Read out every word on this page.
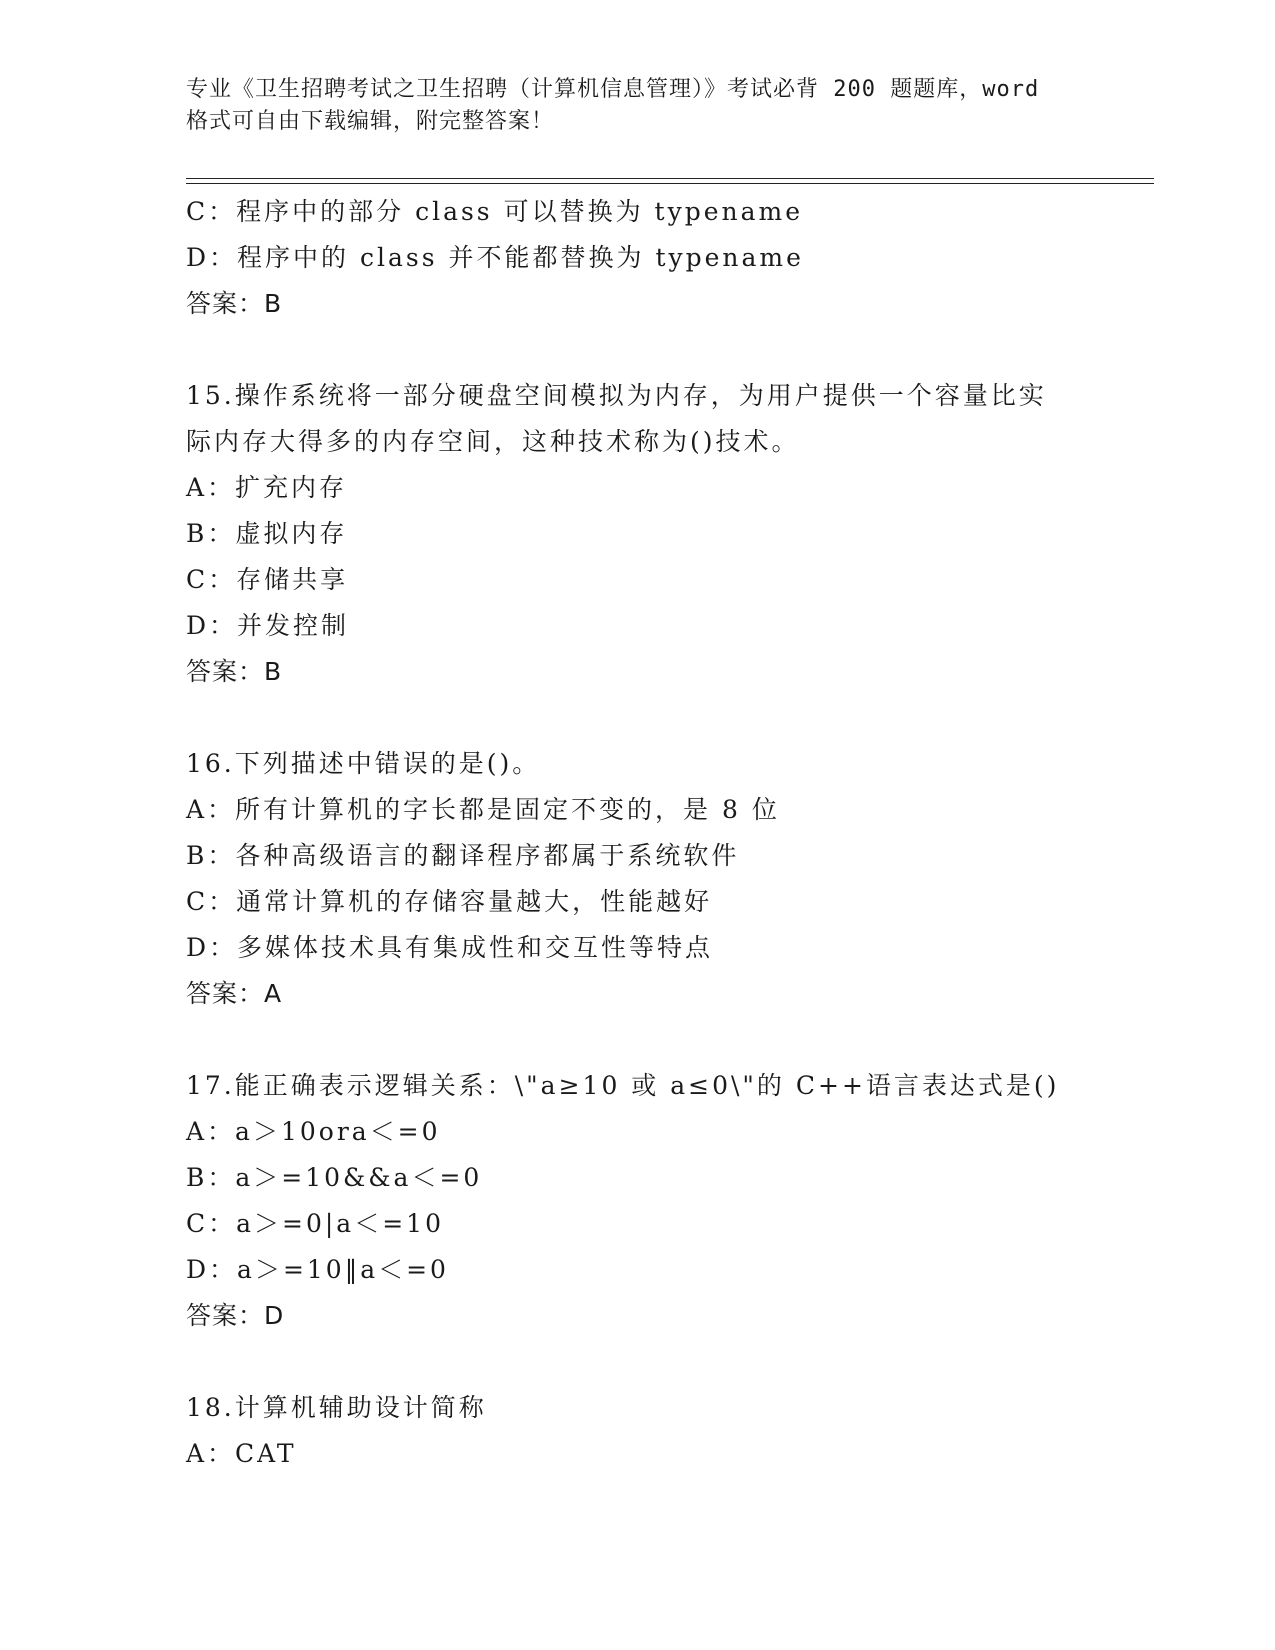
专业《卫生招聘考试之卫生招聘（计算机信息管理）》考试必背 200 题题库，word
格式可自由下载编辑，附完整答案！
C：程序中的部分 class 可以替换为 typename
D：程序中的 class 并不能都替换为 typename
答案：B
15.操作系统将一部分硬盘空间模拟为内存，为用户提供一个容量比实
际内存大得多的内存空间，这种技术称为()技术。
A：扩充内存
B：虚拟内存
C：存储共享
D：并发控制
答案：B
16.下列描述中错误的是()。
A：所有计算机的字长都是固定不变的，是 8 位
B：各种高级语言的翻译程序都属于系统软件
C：通常计算机的存储容量越大，性能越好
D：多媒体技术具有集成性和交互性等特点
答案：A
17.能正确表示逻辑关系：\"a≥10 或 a≤0\"的 C++语言表达式是()
A：a＞10ora＜=0
B：a＞=10&&a＜=0
C：a＞=0|a＜=10
D：a＞=10‖a＜=0
答案：D
18.计算机辅助设计简称
A：CAT
